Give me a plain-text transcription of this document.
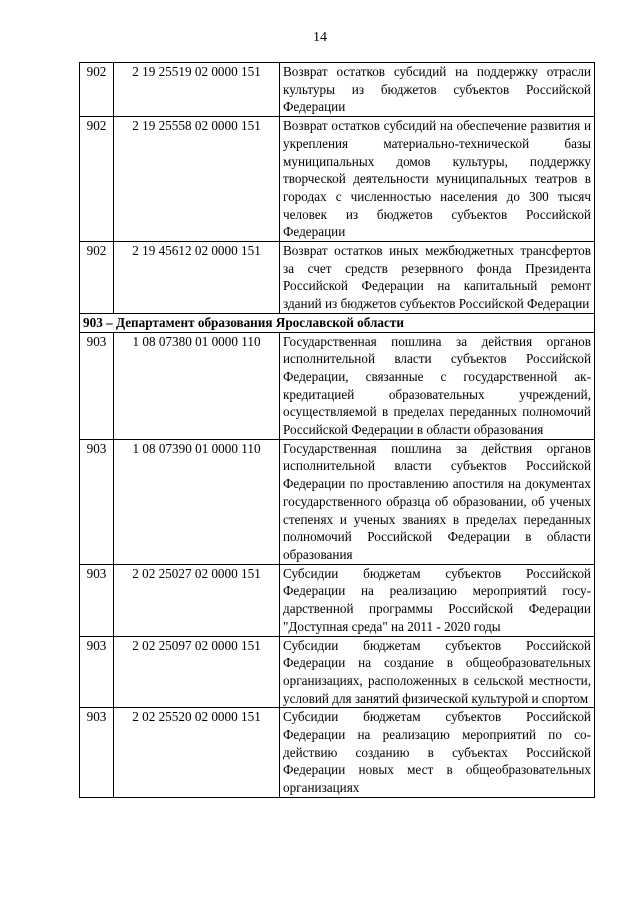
14
902	2 19 25519 02 0000 151	Возврат остатков субсидий на поддержку отрасли культуры из бюджетов субъектов Российской Федерации
902	2 19 25558 02 0000 151	Возврат остатков субсидий на обеспечение развития и укрепления материально-технической базы муниципальных домов культуры, поддержку творческой деятельности муниципальных театров в городах с численностью населения до 300 тысяч человек из бюджетов субъектов Российской Федерации
902	2 19 45612 02 0000 151	Возврат остатков иных межбюджетных трансфертов за счет средств резервного фонда Президента Российской Федерации на капитальный ремонт зданий из бюджетов субъектов Российской Федерации
903 – Департамент образования Ярославской области		
903	1 08 07380 01 0000 110	Государственная пошлина за действия органов исполнительной власти субъектов Российской Федерации, связанные с государственной аккредитацией образовательных учреждений, осуществляемой в пределах переданных полномочий Российской Федерации в области образования
903	1 08 07390 01 0000 110	Государственная пошлина за действия органов исполнительной власти субъектов Российской Федерации по проставлению апостиля на документах государственного образца об образовании, об ученых степенях и ученых званиях в пределах переданных полномочий Российской Федерации в области образования
903	2 02 25027 02 0000 151	Субсидии бюджетам субъектов Российской Федерации на реализацию мероприятий государственной программы Российской Федерации "Доступная среда" на 2011 - 2020 годы
903	2 02 25097 02 0000 151	Субсидии бюджетам субъектов Российской Федерации на создание в общеобразовательных организациях, расположенных в сельской местности, условий для занятий физической культурой и спортом
903	2 02 25520 02 0000 151	Субсидии бюджетам субъектов Российской Федерации на реализацию мероприятий по содействию созданию в субъектах Российской Федерации новых мест в общеобразовательных организациях
